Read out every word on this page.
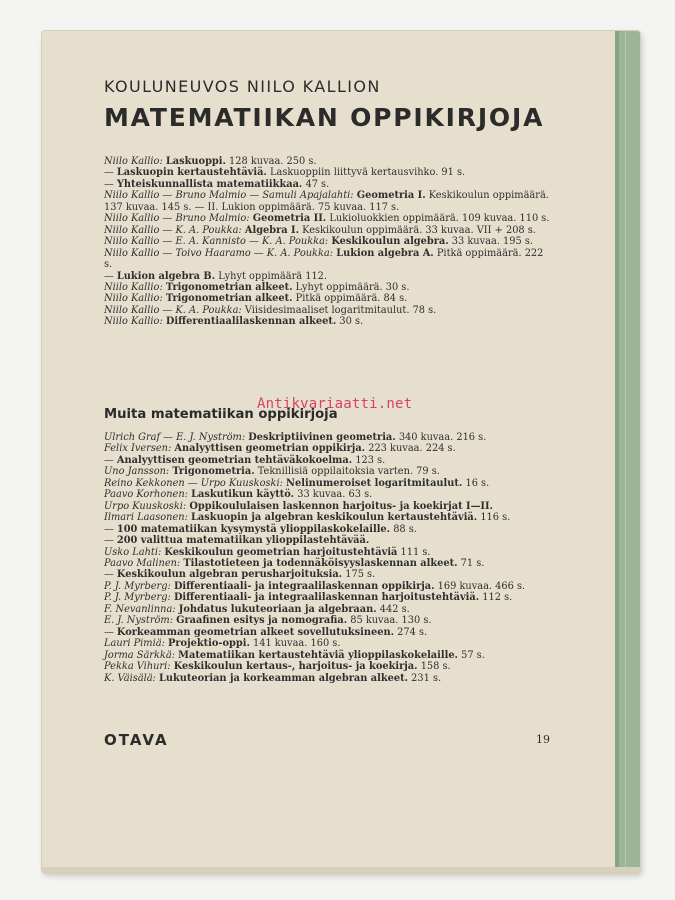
KOULUNEUVOS NIILO KALLION
MATEMATIIKAN OPPIKIRJOJA
Niilo Kallio: Laskuoppi. 128 kuvaa. 250 s.
— Laskuopin kertaustehtäviä. Laskuoppiin liittyvä kertausvihko. 91 s.
— Yhteiskunnallista matematiikkaa. 47 s.
Niilo Kallio — Bruno Malmio — Samuli Apajalahti: Geometria I. Keskikoulun oppimäärä. 137 kuvaa. 145 s. — II. Lukion oppimäärä. 75 kuvaa. 117 s.
Niilo Kallio — Bruno Malmio: Geometria II. Lukioluokkien oppimäärä. 109 kuvaa. 110 s.
Niilo Kallio — K. A. Poukka: Algebra I. Keskikoulun oppimäärä. 33 kuvaa. VII + 208 s.
Niilo Kallio — E. A. Kannisto — K. A. Poukka: Keskikoulun algebra. 33 kuvaa. 195 s.
Niilo Kallio — Toivo Haaramo — K. A. Poukka: Lukion algebra A. Pitkä oppimäärä. 222 s.
— Lukion algebra B. Lyhyt oppimäärä 112.
Niilo Kallio: Trigonometrian alkeet. Lyhyt oppimäärä. 30 s.
Niilo Kallio: Trigonometrian alkeet. Pitkä oppimäärä. 84 s.
Niilo Kallio — K. A. Poukka: Viisidesimaaliset logaritmitaulut. 78 s.
Niilo Kallio: Differentiaalilaskennan alkeet. 30 s.
Muita matematiikan oppikirjoja
Ulrich Graf — E. J. Nyström: Deskriptiivinen geometria. 340 kuvaa. 216 s.
Felix Iversen: Analyyttisen geometrian oppikirja. 223 kuvaa. 224 s.
— Analyyttisen geometrian tehtäväkokoelma. 123 s.
Uno Jansson: Trigonometria. Teknillisiä oppilaitoksia varten. 79 s.
Reino Kekkonen — Urpo Kuuskoski: Nelinumeroiset logaritmitaulut. 16 s.
Paavo Korhonen: Laskutikun käyttö. 33 kuvaa. 63 s.
Urpo Kuuskoski: Oppikoululaisen laskennon harjoitus- ja koekirjat I—II.
Ilmari Laasonen: Laskuopin ja algebran keskikoulun kertaustehtäviä. 116 s.
— 100 matematiikan kysymystä ylioppilaskokelaille. 88 s.
— 200 valittua matematiikan ylioppilastehtävää.
Usko Lahti: Keskikoulun geometrian harjoitustehtäviä 111 s.
Paavo Malinen: Tilastotieteen ja todennäköisyyslaskennan alkeet. 71 s.
— Keskikoulun algebran perusharjoituksia. 175 s.
P. J. Myrberg: Differentiaali- ja integraalilaskennan oppikirja. 169 kuvaa. 466 s.
P. J. Myrberg: Differentiaali- ja integraalilaskennan harjoitustehtäviä. 112 s.
F. Nevanlinna: Johdatus lukuteoriaan ja algebraan. 442 s.
E. J. Nyström: Graafinen esitys ja nomografia. 85 kuvaa. 130 s.
— Korkeamman geometrian alkeet sovellutuksineen. 274 s.
Lauri Pimiä: Projektio-oppi. 141 kuvaa. 160 s.
Jorma Särkkä: Matematiikan kertaustehtäviä ylioppilaskokelaille. 57 s.
Pekka Vihuri: Keskikoulun kertaus-, harjoitus- ja koekirja. 158 s.
K. Väisälä: Lukuteorian ja korkeamman algebran alkeet. 231 s.
OTAVA	19
Antikvariaatti.net
